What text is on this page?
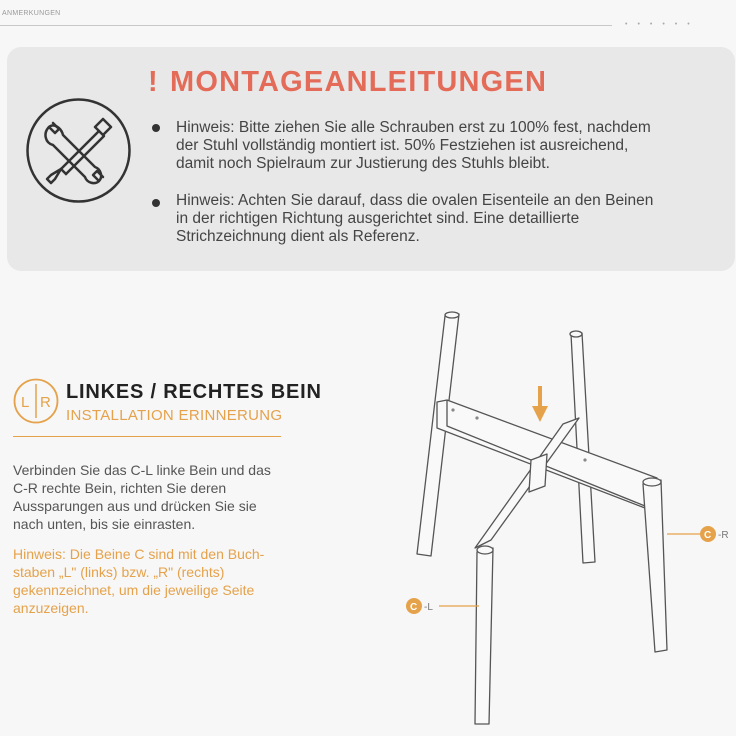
ANMERKUNGEN
••••••
! MONTAGEANLEITUNGEN
Hinweis: Bitte ziehen Sie alle Schrauben erst zu 100% fest, nachdem
der Stuhl vollständig montiert ist. 50% Festziehen ist ausreichend,
damit noch Spielraum zur Justierung des Stuhls bleibt.
Hinweis: Achten Sie darauf, dass die ovalen Eisenteile an den Beinen
in der richtigen Richtung ausgerichtet sind. Eine detaillierte
Strichzeichnung dient als Referenz.
L R LINKES / RECHTES BEIN
INSTALLATION ERINNERUNG
Verbinden Sie das C-L linke Bein und das
C-R rechte Bein, richten Sie deren
Aussparungen aus und drücken Sie sie
nach unten, bis sie einrasten.
Hinweis: Die Beine C sind mit den Buch-
staben „L" (links) bzw. „R" (rechts)
gekennzeichnet, um die jeweilige Seite
anzuzeigen.
C -R
C -L
